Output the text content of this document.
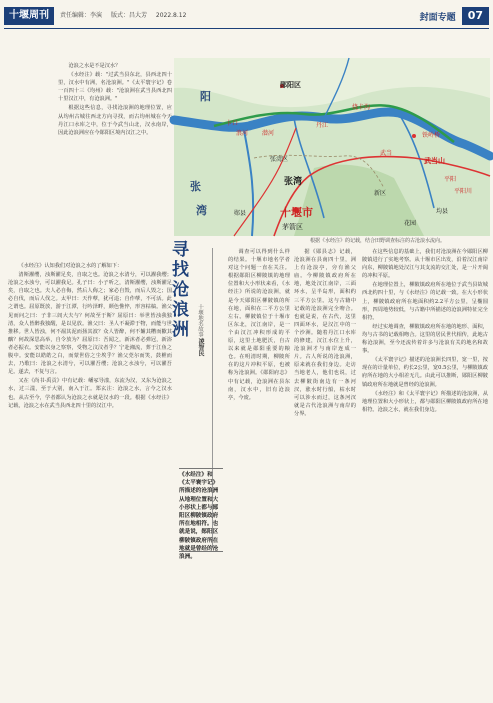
十堰周刊	责任编辑：李演 版式：昌大芳 2022.8.12	封面专题	07

沧浪之水是不是汉水？

《水经注》载："过武当县东北，县西北四十里，汉水中有洲，名沧浪洲。"《太平寰宇记》卷一百四十三《均州》载："沧浪洲在武当县西北四十里汉江中，有沧浪洲。"

根据这些信息，寻找沧浪洲的地理位置，应从均州古城往西北方向寻找，而古均州城在今天丹江口水库之中，位于今武当山北，汉水南岸，因此沧浪洲应在今郧阳区境内汉江之中。

《水经注》认知我们对沧浪之水的了解如下：

清斯濯缨，浊斯濯足矣，自取之也。沧浪之水清兮，可以濯我缨；沧浪之水浊兮，可以濯我足。孔子曰：小子听之，清斯濯缨，浊斯濯足矣，自取之也。夫人必自侮，然后人侮之；家必自毁，而后人毁之；国必自伐，而后人伐之。太甲曰：天作孽，犹可违；自作孽，不可活。此之谓也。屈原既放，游于江潭，行吟泽畔，颜色憔悴，形容枯槁。渔父见而问之曰：子非三闾大夫与？何故至于斯？屈原曰：举世皆浊我独清，众人皆醉我独醒，是以见放。渔父曰：圣人不凝滞于物，而能与世推移。世人皆浊，何不淈其泥而扬其波？众人皆醉，何不餔其糟而歠其醨？何故深思高举，自令放为？屈原曰：吾闻之，新沐者必弹冠，新浴者必振衣。安能以身之察察，受物之汶汶者乎？宁赴湘流，葬于江鱼之腹中。安能以皓皓之白，而蒙世俗之尘埃乎？渔父莞尔而笑，鼓枻而去，乃歌曰：沧浪之水清兮，可以濯吾缨；沧浪之水浊兮，可以濯吾足。遂去，不复与言。

又在《尚书·禹贡》中有记载：嶓冢导漾，东流为汉，又东为沧浪之水，过三澨，至于大别，南入于江。郑玄注：沧浪之水，言今之汉水也。从古至今，学者都认为沧浪之水就是汉水的一段。根据《水经注》记载，沧浪之水在武当县西北四十里的汉江中。

阳
郧阳区
卡口
浪河
丹江
烧卡沟
铁岭桥
张湾区
张湾
十堰市
茅箭区
武当
武当山
张
湾
平阳
平阳川
新区
均县
郧县
花园
潜河
根据《水经注》的记载，结合田野调查标注的古沧浪水流向。
寻找沧浪洲	十堰地名故事
凌智民
《水经注》和《太平寰宇记》所描述的沧浪洲从地理位置和大小形状上都与郧阳区柳陂镇政府所在地相符。也就是说，郧阳区柳陂镇政府所在地就是曾经的沧浪洲。

调查可以得到什么样的结果。十堰市地名学者对这个问题一直在关注。根据郧阳区柳陂镇的地理位置和大小形状来看，《水经注》所说的沧浪洲，就是今天郧阳区柳陂镇的所在地，面积在二平方公里左右。柳陂镇位于十堰市区东北，汉江南岸，是一个由汉江冲积形成的平原，这里土地肥沃，自古以来就是郧阳重要的粮仓。在明清时期，柳陂所在的这片冲积平原，也被称为沧浪洲。《郧阳府志》中有记载，沧浪洲在县东南，汉水中，旧有沧浪亭，今废。

据《郧县志》记载，沧浪洲在县南四十里，洲上有沧浪亭，旁有渔父庙。今柳陂镇政府所在地，地处汉江南岸，三面环水，呈半岛形，面积约三平方公里。这与古籍中记载的沧浪洲完全吻合。也就是说，在古代，这里四面环水，是汉江中的一个沙洲。随着丹江口水库的修建，汉江水位上升，沧浪洲才与南岸连成一片。古人所说的沧浪洲，原来就在我们身边。走访当地老人，他们也说，过去柳陂街南边有一条河汊，涨水时行船，枯水时可以涉水而过，这条河汊就是古代沧浪洲与南岸的分界。

在这些信息的基础上，我们对沧浪洲在今郧阳区柳陂镇进行了实地考察。从十堰市区出发，沿着汉江南岸向东，柳陂镇地处汉江与其支流的交汇处，是一片开阔的冲积平原。

在地理位置上，柳陂镇政府所在地位于武当县故城西北约四十里，与《水经注》的记载一致。在大小形状上，柳陂镇政府所在地面积约2.2平方公里，呈椭圆形，四周地势较低，与古籍中所描述的沧浪洲特征完全相符。

经过实地调查，柳陂镇政府所在地的地形、面积，均与古书的记载相吻合。这里的居民世代相传，此地古称沧浪洲，至今还流传着许多与沧浪有关的地名和故事。

《太平寰宇记》描述的沧浪洲长四里，宽一里，按现在的计量单位，约长2公里，宽0.5公里，与柳陂镇政府所在地的大小相差无几。由此可以推断，郧阳区柳陂镇政府所在地就是曾经的沧浪洲。

《水经注》和《太平寰宇记》所描述的沧浪洲，从地理位置和大小形状上，都与郧阳区柳陂镇政府所在地相符。沧浪之水，就在我们身边。
